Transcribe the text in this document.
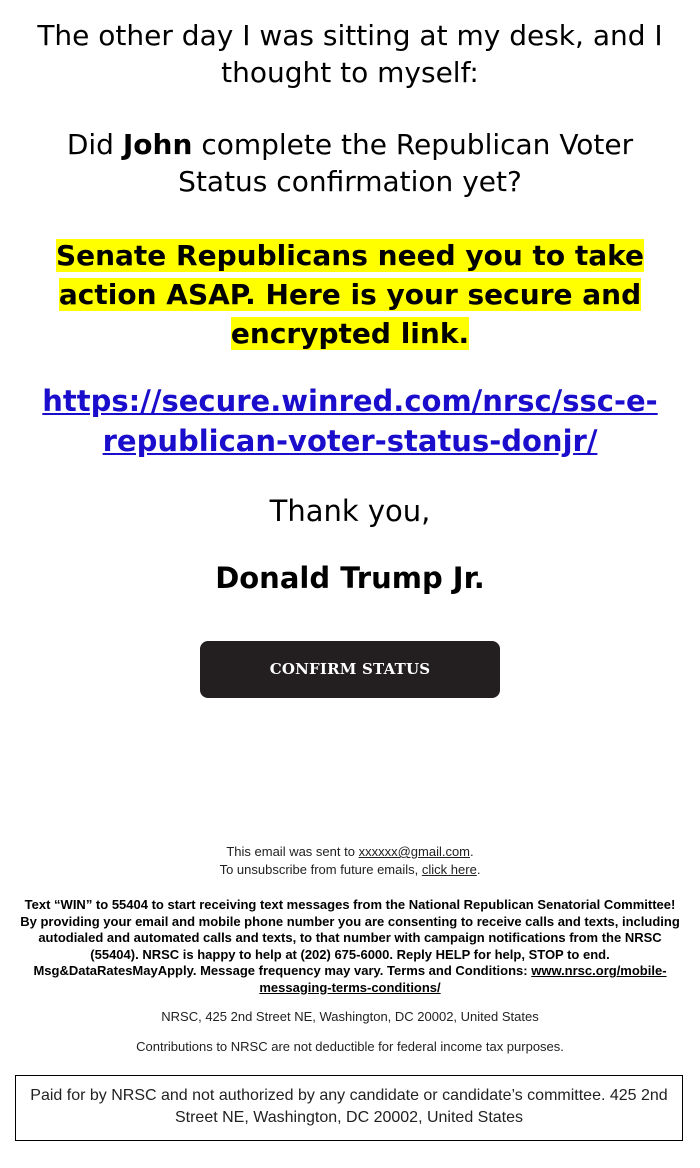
The other day I was sitting at my desk, and I thought to myself:

Did John complete the Republican Voter Status confirmation yet?

Senate Republicans need you to take action ASAP. Here is your secure and encrypted link.

https://secure.winred.com/nrsc/ssc-e-republican-voter-status-donjr/

Thank you,

Donald Trump Jr.

CONFIRM STATUS
This email was sent to xxxxxx@gmail.com.
To unsubscribe from future emails, click here.

Text “WIN” to 55404 to start receiving text messages from the National Republican Senatorial Committee! By providing your email and mobile phone number you are consenting to receive calls and texts, including autodialed and automated calls and texts, to that number with campaign notifications from the NRSC (55404). NRSC is happy to help at (202) 675-6000. Reply HELP for help, STOP to end. Msg&DataRatesMayApply. Message frequency may vary. Terms and Conditions: www.nrsc.org/mobile-messaging-terms-conditions/

NRSC, 425 2nd Street NE, Washington, DC 20002, United States

Contributions to NRSC are not deductible for federal income tax purposes.

Paid for by NRSC and not authorized by any candidate or candidate’s committee. 425 2nd Street NE, Washington, DC 20002, United States
